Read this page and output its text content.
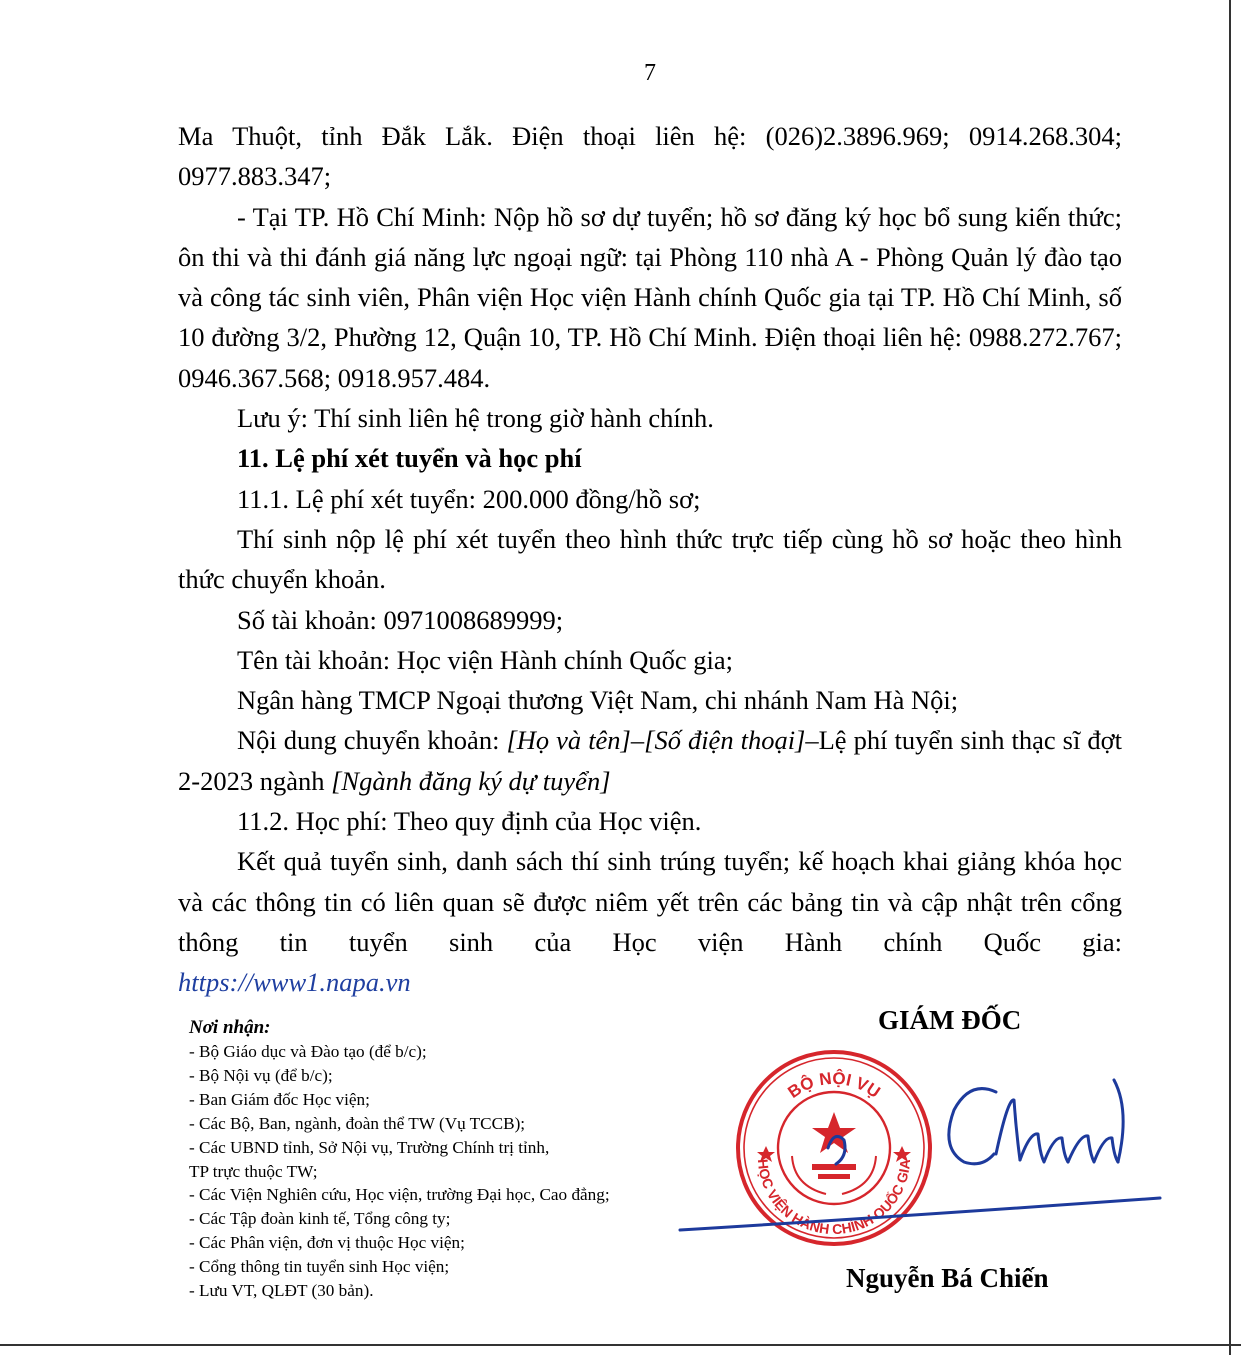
7

Ma Thuột, tỉnh Đắk Lắk. Điện thoại liên hệ: (026)2.3896.969; 0914.268.304;

0977.883.347;

- Tại TP. Hồ Chí Minh: Nộp hồ sơ dự tuyển; hồ sơ đăng ký học bổ sung kiến thức; ôn thi và thi đánh giá năng lực ngoại ngữ: tại Phòng 110 nhà A - Phòng Quản lý đào tạo và công tác sinh viên, Phân viện Học viện Hành chính Quốc gia tại TP. Hồ Chí Minh, số 10 đường 3/2, Phường 12, Quận 10, TP. Hồ Chí Minh. Điện thoại liên hệ: 0988.272.767; 0946.367.568; 0918.957.484.

Lưu ý: Thí sinh liên hệ trong giờ hành chính.

11. Lệ phí xét tuyển và học phí

11.1. Lệ phí xét tuyển: 200.000 đồng/hồ sơ;

Thí sinh nộp lệ phí xét tuyển theo hình thức trực tiếp cùng hồ sơ hoặc theo hình thức chuyển khoản.

Số tài khoản: 0971008689999;

Tên tài khoản: Học viện Hành chính Quốc gia;

Ngân hàng TMCP Ngoại thương Việt Nam, chi nhánh Nam Hà Nội;

Nội dung chuyển khoản: [Họ và tên]–[Số điện thoại]–Lệ phí tuyển sinh thạc sĩ đợt 2-2023 ngành [Ngành đăng ký dự tuyển]

11.2. Học phí: Theo quy định của Học viện.

Kết quả tuyển sinh, danh sách thí sinh trúng tuyển; kế hoạch khai giảng khóa học và các thông tin có liên quan sẽ được niêm yết trên các bảng tin và cập nhật trên cổng thông tin tuyển sinh của Học viện Hành chính Quốc gia:

https://www1.napa.vn

Nơi nhận:
- Bộ Giáo dục và Đào tạo (để b/c);
- Bộ Nội vụ (để b/c);
- Ban Giám đốc Học viện;
- Các Bộ, Ban, ngành, đoàn thể TW (Vụ TCCB);
- Các UBND tỉnh, Sở Nội vụ, Trường Chính trị tỉnh,
TP trực thuộc TW;
- Các Viện Nghiên cứu, Học viện, trường Đại học, Cao đẳng;
- Các Tập đoàn kinh tế, Tổng công ty;
- Các Phân viện, đơn vị thuộc Học viện;
- Cổng thông tin tuyển sinh Học viện;
- Lưu VT, QLĐT (30 bản).
GIÁM ĐỐC
BỘ NỘI VỤ
HỌC VIỆN HÀNH CHÍNH QUỐC GIA
Nguyễn Bá Chiến
